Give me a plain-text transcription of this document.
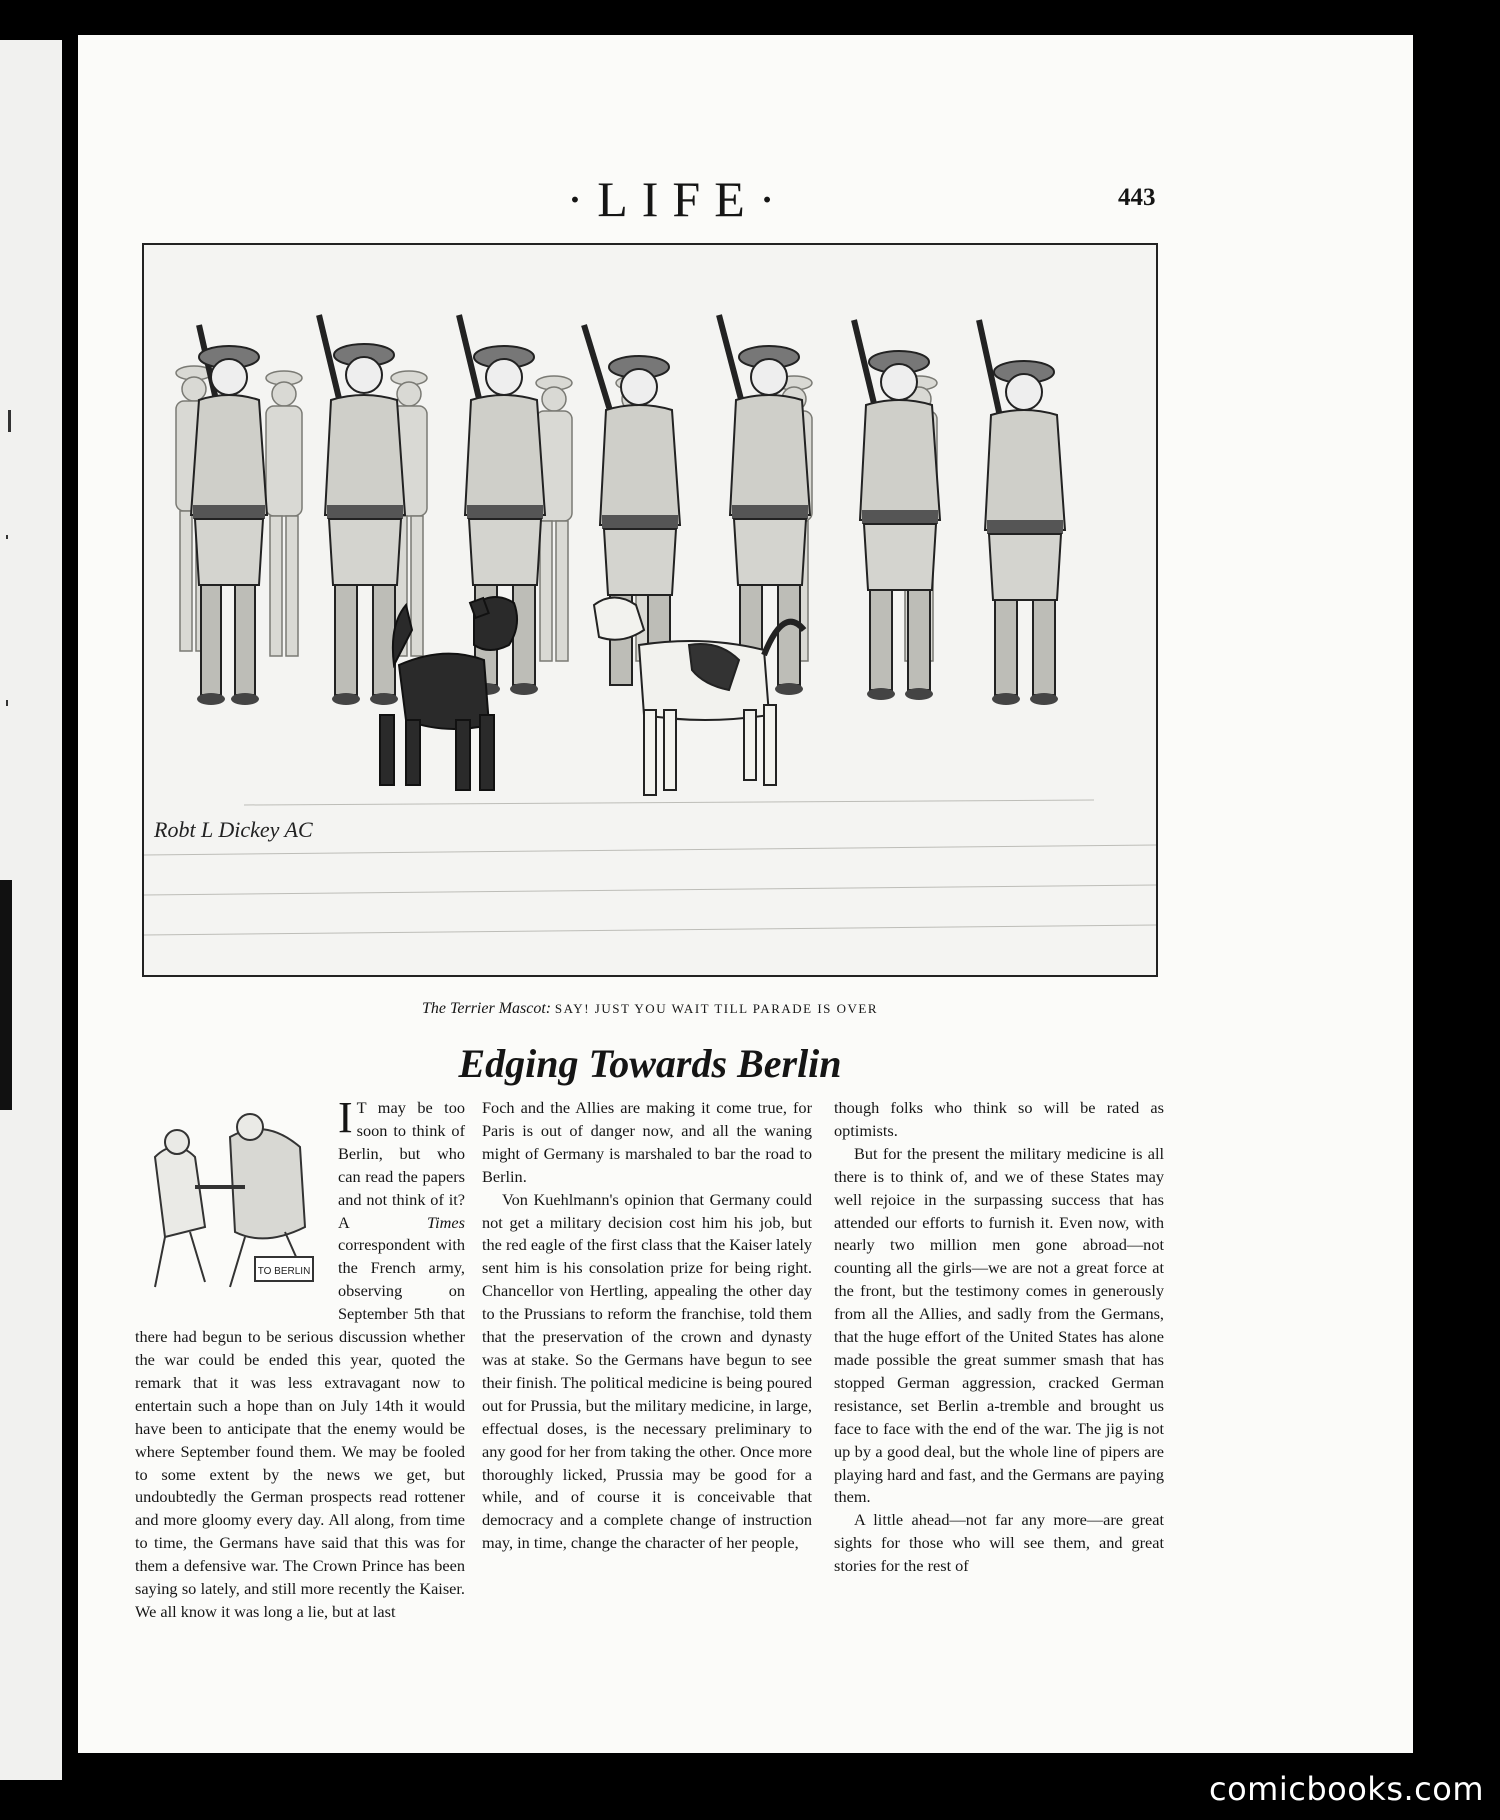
·LIFE·	443
Robt L Dickey AC
The Terrier Mascot: SAY! JUST YOU WAIT TILL PARADE IS OVER
Edging Towards Berlin
TO BERLIN

I T may be too soon to think of Berlin, but who can read the papers and not think of it? A Times correspondent with the French army, observing on September 5th that there had begun to be serious discussion whether the war could be ended this year, quoted the remark that it was less extravagant now to entertain such a hope than on July 14th it would have been to anticipate that the enemy would be where September found them. We may be fooled to some extent by the news we get, but undoubtedly the German prospects read rottener and more gloomy every day. All along, from time to time, the Germans have said that this was for them a defensive war. The Crown Prince has been saying so lately, and still more recently the Kaiser. We all know it was long a lie, but at last

Foch and the Allies are making it come true, for Paris is out of danger now, and all the waning might of Germany is marshaled to bar the road to Berlin.

Von Kuehlmann's opinion that Germany could not get a military decision cost him his job, but the red eagle of the first class that the Kaiser lately sent him is his consolation prize for being right. Chancellor von Hertling, appealing the other day to the Prussians to reform the franchise, told them that the preservation of the crown and dynasty was at stake. So the Germans have begun to see their finish. The political medicine is being poured out for Prussia, but the military medicine, in large, effectual doses, is the necessary preliminary to any good for her from taking the other. Once more thoroughly licked, Prussia may be good for a while, and of course it is conceivable that democracy and a complete change of instruction may, in time, change the character of her people,

though folks who think so will be rated as optimists.

But for the present the military medicine is all there is to think of, and we of these States may well rejoice in the surpassing success that has attended our efforts to furnish it. Even now, with nearly two million men gone abroad—not counting all the girls—we are not a great force at the front, but the testimony comes in generously from all the Allies, and sadly from the Germans, that the huge effort of the United States has alone made possible the great summer smash that has stopped German aggression, cracked German resistance, set Berlin a-tremble and brought us face to face with the end of the war. The jig is not up by a good deal, but the whole line of pipers are playing hard and fast, and the Germans are paying them.

A little ahead—not far any more—are great sights for those who will see them, and great stories for the rest of

comicbooks.com
